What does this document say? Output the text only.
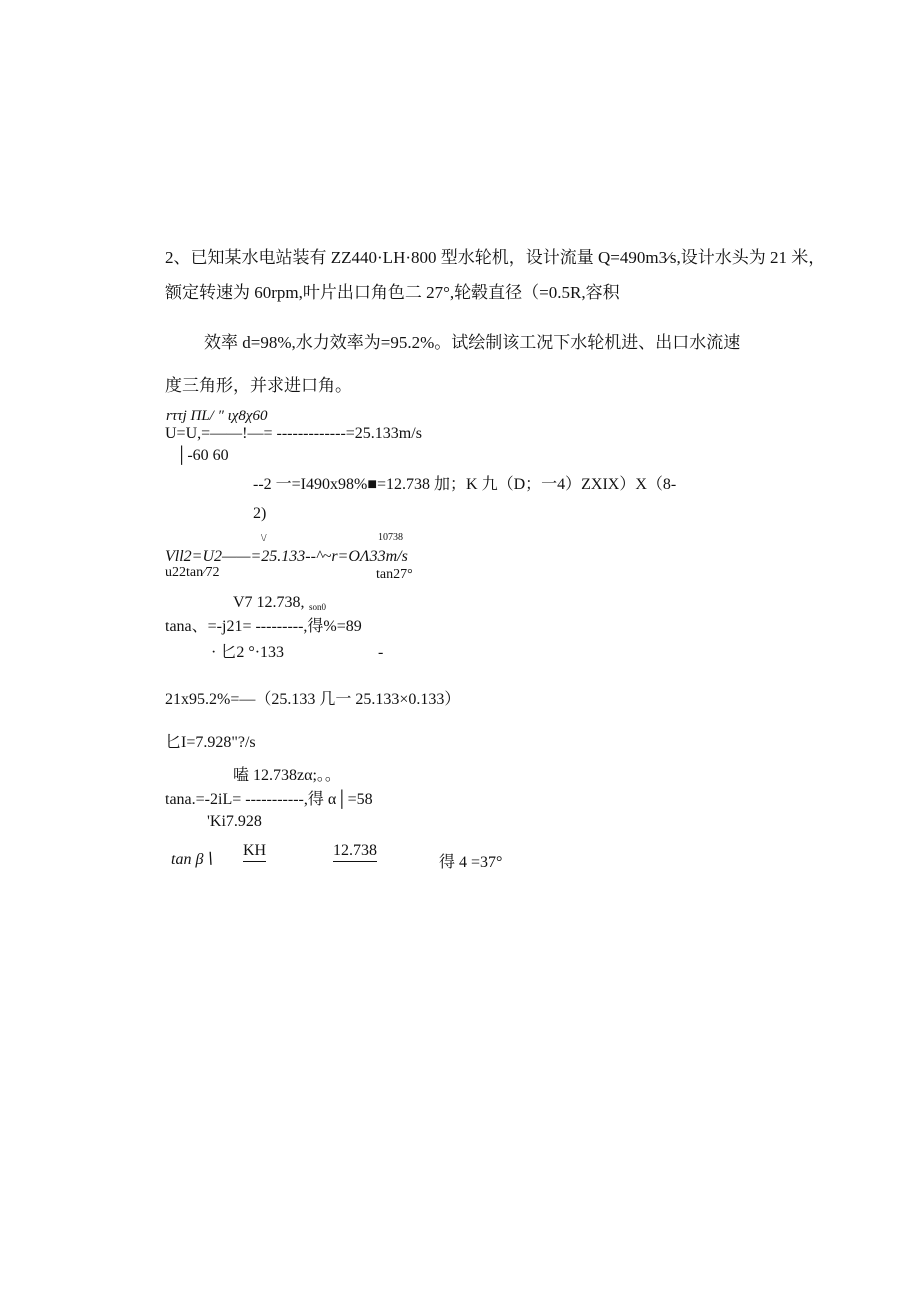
2、已知某水电站装有 ZZ440·LH·800 型水轮机，设计流量 Q=490m3⁄s,设计水头为 21 米，
额定转速为 60rpm,叶片出口角色二 27°,轮毂直径（=0.5R,容积
效率 d=98%,水力效率为=95.2%。试绘制该工况下水轮机进、出口水流速
度三角形，并求进口角。
rττj ΠL/ ″ ιχ8χ60
U=U,=——!—= -------------=25.133m/s
│-60 60
--2 一=I490x98%■=12.738 加；K 九（D；一4）ZXIX）X（8-
2)
\/	10738
Vll2=U2——=25.133--^~r=OΛ33m/s
u22tan⁄72	tan27°
V7 12.738, son0
tana、=-j21= ---------,得%=89
· 匕2 °·133	-
21x95.2%=—（25.133 几一 25.133×0.133）
匕I=7.928"?/s
嗑 12.738zα;。。
tana.=-2iL= -----------,得 α│=58
'Ki7.928
tan β∖
KH	12.738
得 4 =37°
